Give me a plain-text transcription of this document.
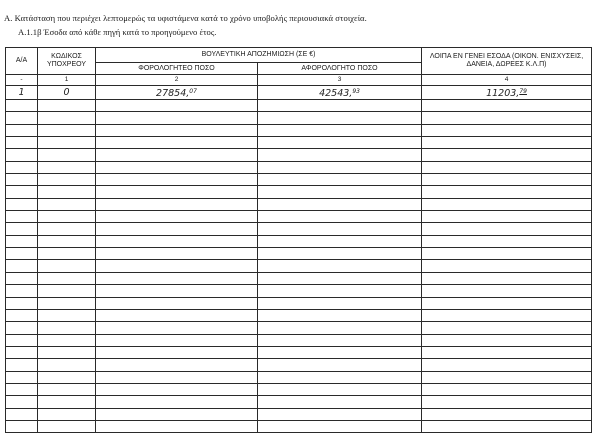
A. Κατάσταση που περιέχει λεπτομερώς τα υφιστάμενα κατά το χρόνο υποβολής περιουσιακά στοιχεία.
A.1.1β Έσοδα από κάθε πηγή κατά το προηγούμενο έτος.
Α/Α	ΚΩΔΙΚΟΣ ΥΠΟΧΡΕΟΥ	ΒΟΥΛΕΥΤΙΚΗ ΑΠΟΖΗΜΙΩΣΗ (ΣΕ €)		ΛΟΙΠΑ ΕΝ ΓΕΝΕΙ ΕΣΟΔΑ (ΟΙΚΟΝ. ΕΝΙΣΧΥΣΕΙΣ, ΔΑΝΕΙΑ, ΔΩΡΕΕΣ Κ.Λ.Π)
		ΦΟΡΟΛΟΓΗΤΕΟ ΠΟΣΟ	ΑΦΟΡΟΛΟΓΗΤΟ ΠΟΣΟ	
-	1	2	3	4
1	0	27854,07	42543,93	11203,79
